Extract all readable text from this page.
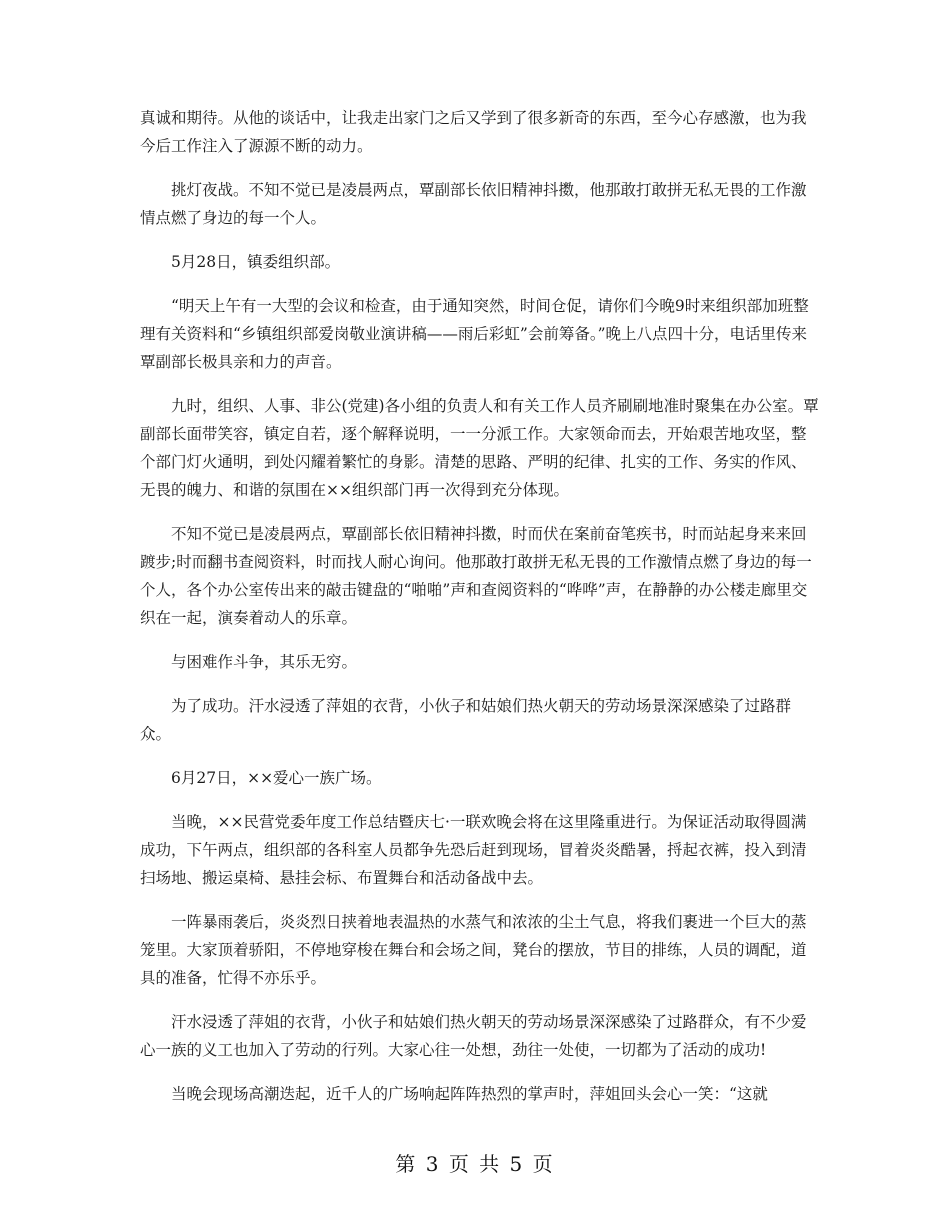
真诚和期待。从他的谈话中，让我走出家门之后又学到了很多新奇的东西，至今心存感激，也为我今后工作注入了源源不断的动力。

挑灯夜战。不知不觉已是凌晨两点，覃副部长依旧精神抖擞，他那敢打敢拼无私无畏的工作激情点燃了身边的每一个人。

5月28日，镇委组织部。

“明天上午有一大型的会议和检查，由于通知突然，时间仓促，请你们今晚9时来组织部加班整理有关资料和“乡镇组织部爱岗敬业演讲稿——雨后彩虹”会前筹备。”晚上八点四十分，电话里传来覃副部长极具亲和力的声音。

九时，组织、人事、非公(党建)各小组的负责人和有关工作人员齐刷刷地准时聚集在办公室。覃副部长面带笑容，镇定自若，逐个解释说明，一一分派工作。大家领命而去，开始艰苦地攻坚，整个部门灯火通明，到处闪耀着繁忙的身影。清楚的思路、严明的纪律、扎实的工作、务实的作风、无畏的魄力、和谐的氛围在××组织部门再一次得到充分体现。

不知不觉已是凌晨两点，覃副部长依旧精神抖擞，时而伏在案前奋笔疾书，时而站起身来来回踱步;时而翻书查阅资料，时而找人耐心询问。他那敢打敢拼无私无畏的工作激情点燃了身边的每一个人，各个办公室传出来的敲击键盘的“啪啪”声和查阅资料的“哗哗”声，在静静的办公楼走廊里交织在一起，演奏着动人的乐章。

与困难作斗争，其乐无穷。

为了成功。汗水浸透了萍姐的衣背，小伙子和姑娘们热火朝天的劳动场景深深感染了过路群众。

6月27日，××爱心一族广场。

当晚，××民营党委年度工作总结暨庆七·一联欢晚会将在这里隆重进行。为保证活动取得圆满成功，下午两点，组织部的各科室人员都争先恐后赶到现场，冒着炎炎酷暑，捋起衣裤，投入到清扫场地、搬运桌椅、悬挂会标、布置舞台和活动备战中去。

一阵暴雨袭后，炎炎烈日挟着地表温热的水蒸气和浓浓的尘土气息，将我们裹进一个巨大的蒸笼里。大家顶着骄阳，不停地穿梭在舞台和会场之间，凳台的摆放，节目的排练，人员的调配，道具的准备，忙得不亦乐乎。

汗水浸透了萍姐的衣背，小伙子和姑娘们热火朝天的劳动场景深深感染了过路群众，有不少爱心一族的义工也加入了劳动的行列。大家心往一处想，劲往一处使，一切都为了活动的成功!

当晚会现场高潮迭起，近千人的广场响起阵阵热烈的掌声时，萍姐回头会心一笑：“这就

第 3 页 共 5 页
